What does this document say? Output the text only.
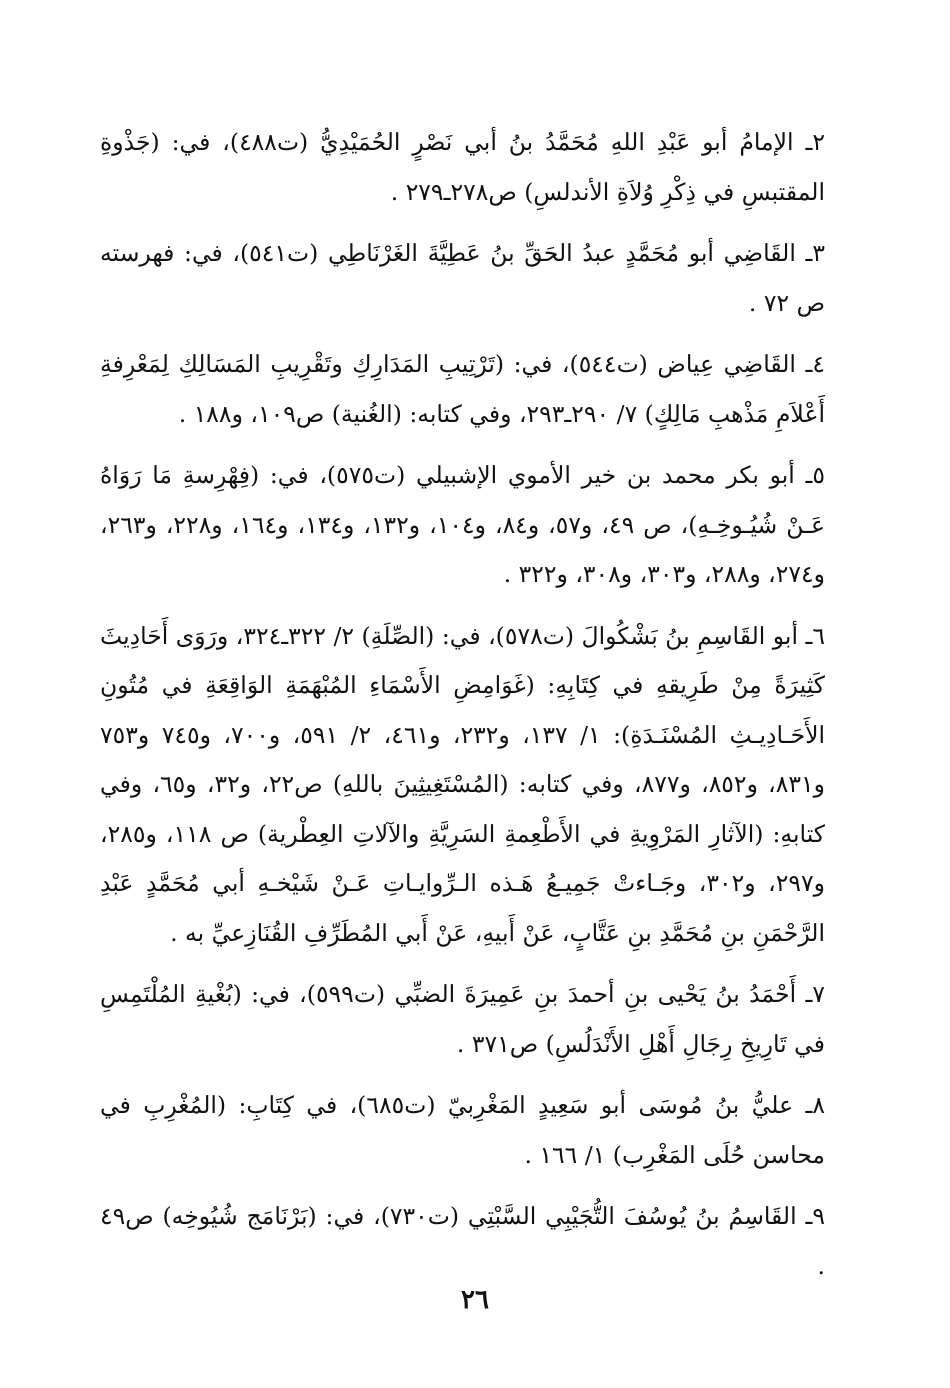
٢ـ الإمامُ أبو عَبْدِ اللهِ مُحَمَّدُ بنُ أبي نَصْرٍ الحُمَيْدِيُّ (ت٤٨٨)، في: (جَذْوةِ المقتبسِ في ذِكْرِ وُلاَةِ الأندلسِ) ص٢٧٨ـ٢٧٩ .

٣ـ القَاضِي أبو مُحَمَّدٍ عبدُ الحَقِّ بنُ عَطِيَّةَ الغَرْنَاطِي (ت٥٤١)، في: فهرسته ص ٧٢ .

٤ـ القَاضِي عِياض (ت٥٤٤)، في: (تَرْتِيبِ المَدَارِكِ وتَقْرِيبِ المَسَالِكِ لِمَعْرِفةِ أَعْلاَمِ مَذْهبِ مَالِكٍ) ٧/ ٢٩٠ـ٢٩٣، وفي كتابه: (الغُنية) ص١٠٩، و١٨٨ .

٥ـ أبو بكر محمد بن خير الأموي الإشبيلي (ت٥٧٥)، في: (فِهْرِسةِ مَا رَوَاهُ عَـنْ شُيُـوخِـهِ)، ص ٤٩، و٥٧، و٨٤، و١٠٤، و١٣٢، و١٣٤، و١٦٤، و٢٢٨، و٢٦٣، و٢٧٤، و٢٨٨، و٣٠٣، و٣٠٨، و٣٢٢ .

٦ـ أبو القَاسِمِ بنُ بَشْكُوالَ (ت٥٧٨)، في: (الصِّلَةِ) ٢/ ٣٢٢ـ٣٢٤، ورَوَى أَحَادِيثَ كَثِيرَةً مِنْ طَرِيقهِ في كِتَابِهِ: (غَوَامِضِ الأَسْمَاءِ المُبْهَمَةِ الوَاقِعَةِ في مُتُونِ الأَحَـادِيـثِ المُسْنَـدَةِ): ١/ ١٣٧، و٢٣٢، و٤٦١، ٢/ ٥٩١، و٧٠٠، و٧٤٥ و٧٥٣ و٨٣١، و٨٥٢، و٨٧٧، وفي كتابه: (المُسْتَغِيثِينَ باللهِ) ص٢٢، و٣٢، و٦٥، وفي كتابهِ: (الآثارِ المَرْوِيةِ في الأَطْعِمةِ السَرِيَّةِ والآلاتِ العِطْرية) ص ١١٨، و٢٨٥، و٢٩٧، و٣٠٢، وجَـاءتْ جَمِيـعُ هَـذه الـرِّوايـاتِ عَـنْ شَيْخـهِ أبي مُحَمَّدٍ عَبْدِ الرَّحْمَنِ بنِ مُحَمَّدِ بنِ عَتَّابٍ، عَنْ أَبيهِ، عَنْ أَبي المُطَرِّفِ القُنَازِعيِّ به .

٧ـ أَحْمَدُ بنُ يَحْيى بنِ أحمدَ بنِ عَمِيرَةَ الضبِّي (ت٥٩٩)، في: (بُغْيةِ المُلْتَمِسِ في تَارِيخِ رِجَالِ أَهْلِ الأَنْدَلُسِ) ص٣٧١ .

٨ـ عليُّ بنُ مُوسَى أبو سَعِيدٍ المَغْرِبيّ (ت٦٨٥)، في كِتَابِ: (المُغْرِبِ في محاسن حُلَى المَغْرِب) ١/ ١٦٦ .

٩ـ القَاسِمُ بنُ يُوسُفَ التُّجَيْبِي السَّبْتِي (ت٧٣٠)، في: (بَرْنَامَج شُيُوخِه) ص٤٩ .

٢٦
